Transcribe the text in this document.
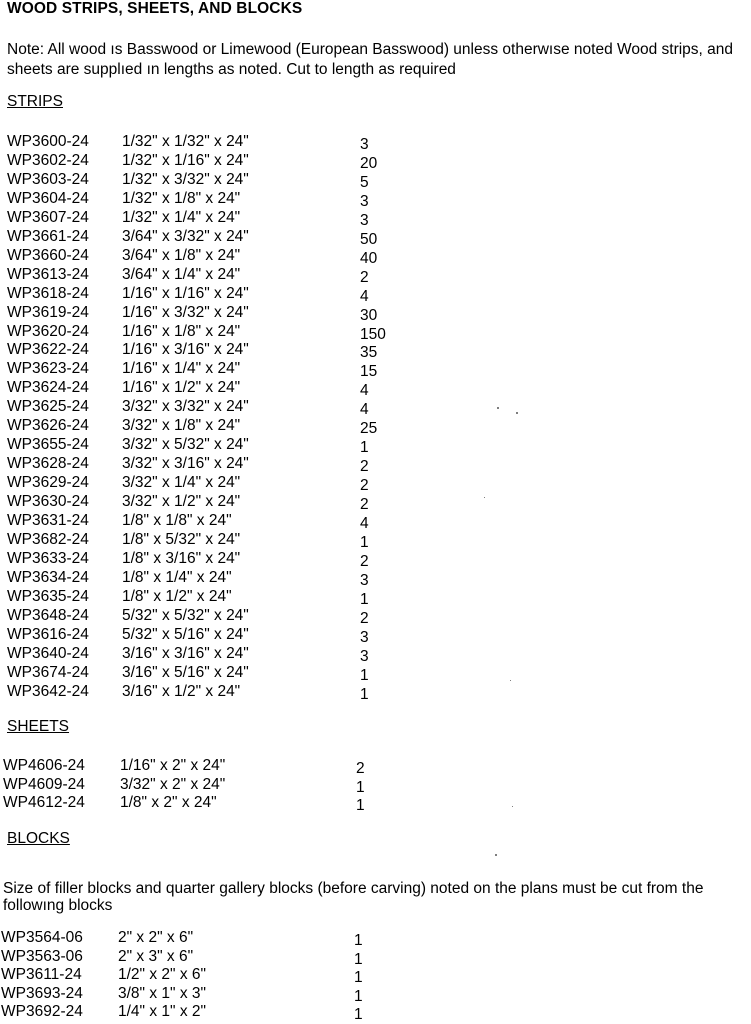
WOOD STRIPS, SHEETS, AND BLOCKS
Note: All wood ıs Basswood or Limewood (European Basswood) unless otherwıse noted Wood strips, and sheets are supplıed ın lengths as noted. Cut to length as required
STRIPS
WP3600-24 1/32" x 1/32" x 24"	3
WP3602-24 1/32" x 1/16" x 24"	20
WP3603-24 1/32" x 3/32" x 24"	5
WP3604-24 1/32" x 1/8" x 24"	3
WP3607-24 1/32" x 1/4" x 24"	3
WP3661-24 3/64" x 3/32" x 24"	50
WP3660-24 3/64" x 1/8" x 24"	40
WP3613-24 3/64" x 1/4" x 24"	2
WP3618-24 1/16" x 1/16" x 24"	4
WP3619-24 1/16" x 3/32" x 24"	30
WP3620-24 1/16" x 1/8" x 24"	150
WP3622-24 1/16" x 3/16" x 24"	35
WP3623-24 1/16" x 1/4" x 24"	15
WP3624-24 1/16" x 1/2" x 24"	4
WP3625-24 3/32" x 3/32" x 24"	4
WP3626-24 3/32" x 1/8" x 24"	25
WP3655-24 3/32" x 5/32" x 24"	1
WP3628-24 3/32" x 3/16" x 24"	2
WP3629-24 3/32" x 1/4" x 24"	2
WP3630-24 3/32" x 1/2" x 24"	2
WP3631-24 1/8" x 1/8" x 24"	4
WP3682-24 1/8" x 5/32" x 24"	1
WP3633-24 1/8" x 3/16" x 24"	2
WP3634-24 1/8" x 1/4" x 24"	3
WP3635-24 1/8" x 1/2" x 24"	1
WP3648-24 5/32" x 5/32" x 24"	2
WP3616-24 5/32" x 5/16" x 24"	3
WP3640-24 3/16" x 3/16" x 24"	3
WP3674-24 3/16" x 5/16" x 24"	1
WP3642-24 3/16" x 1/2" x 24"	1
SHEETS
WP4606-24 1/16" x 2" x 24"	2
WP4609-24 3/32" x 2" x 24"	1
WP4612-24 1/8" x 2" x 24"	1
BLOCKS
Size of filler blocks and quarter gallery blocks (before carving) noted on the plans must be cut from the followıng blocks
WP3564-06 2" x 2" x 6"	1
WP3563-06 2" x 3" x 6"	1
WP3611-24 1/2" x 2" x 6"	1
WP3693-24 3/8" x 1" x 3"	1
WP3692-24 1/4" x 1" x 2"	1
